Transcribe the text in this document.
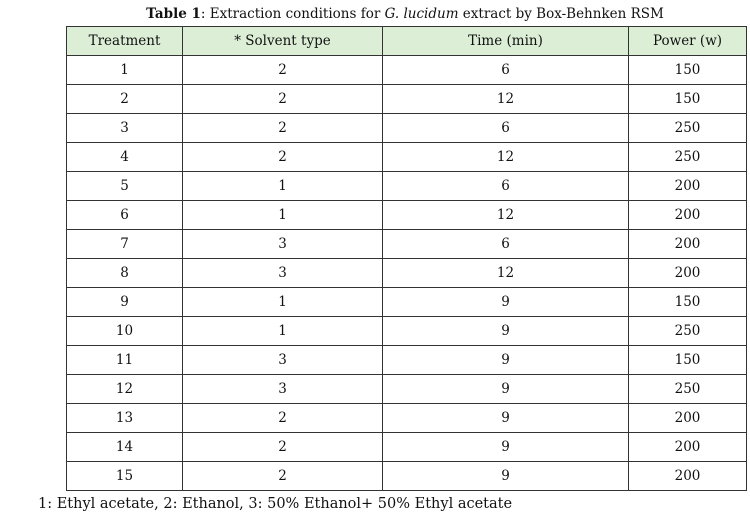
Table 1: Extraction conditions for G. lucidum extract by Box-Behnken RSM
Treatment	* Solvent type	Time (min)	Power (w)
1	2	6	150
2	2	12	150
3	2	6	250
4	2	12	250
5	1	6	200
6	1	12	200
7	3	6	200
8	3	12	200
9	1	9	150
10	1	9	250
11	3	9	150
12	3	9	250
13	2	9	200
14	2	9	200
15	2	9	200
1: Ethyl acetate, 2: Ethanol, 3: 50% Ethanol+ 50% Ethyl acetate
